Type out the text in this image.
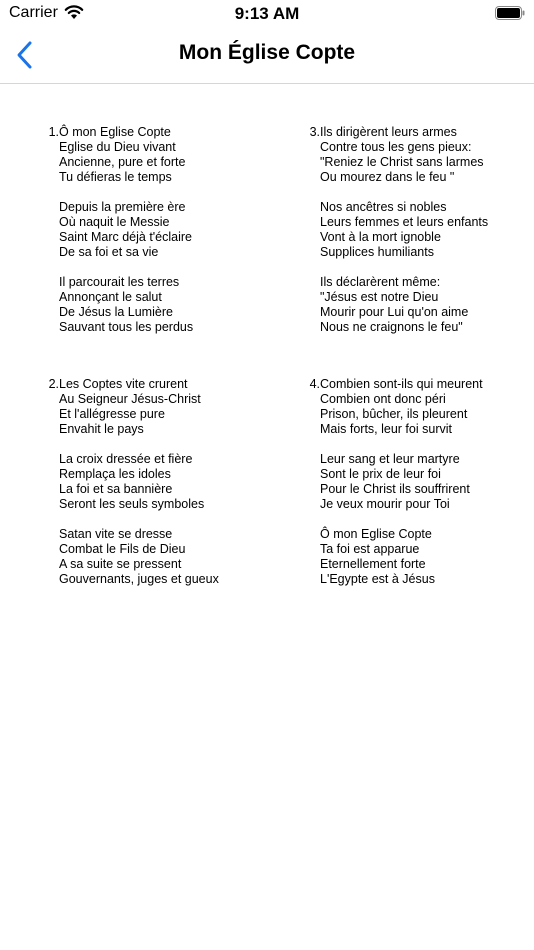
Carrier	9:13 AM
Mon Église Copte
1. Ô mon Eglise Copte
Eglise du Dieu vivant
Ancienne, pure et forte
Tu défieras le temps
Depuis la première ère
Où naquit le Messie
Saint Marc déjà t'éclaire
De sa foi et sa vie
Il parcourait les terres
Annonçant le salut
De Jésus la Lumière
Sauvant tous les perdus
2. Les Coptes vite crurent
Au Seigneur Jésus-Christ
Et l'allégresse pure
Envahit le pays
La croix dressée et fière
Remplaça les idoles
La foi et sa bannière
Seront les seuls symboles
Satan vite se dresse
Combat le Fils de Dieu
A sa suite se pressent
Gouvernants, juges et gueux
3. Ils dirigèrent leurs armes
Contre tous les gens pieux:
"Reniez le Christ sans larmes
Ou mourez dans le feu "
Nos ancêtres si nobles
Leurs femmes et leurs enfants
Vont à la mort ignoble
Supplices humiliants
Ils déclarèrent même:
"Jésus est notre Dieu
Mourir pour Lui qu'on aime
Nous ne craignons le feu"
4. Combien sont-ils qui meurent
Combien ont donc péri
Prison, bûcher, ils pleurent
Mais forts, leur foi survit
Leur sang et leur martyre
Sont le prix de leur foi
Pour le Christ ils souffrirent
Je veux mourir pour Toi
Ô mon Eglise Copte
Ta foi est apparue
Eternellement forte
L'Egypte est à Jésus
